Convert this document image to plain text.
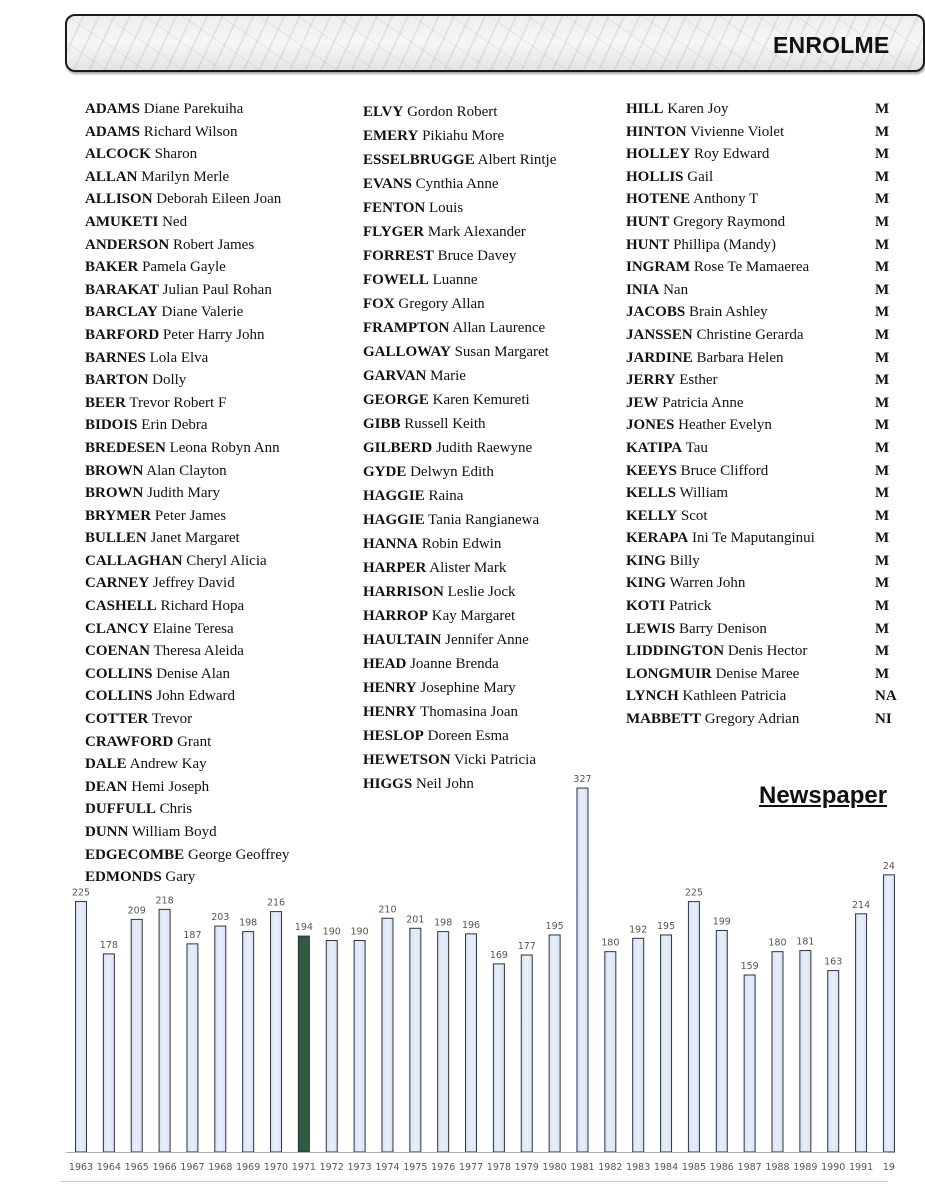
ENROLME
ADAMS Diane Parekuiha
ADAMS Richard Wilson
ALCOCK Sharon
ALLAN Marilyn Merle
ALLISON Deborah Eileen Joan
AMUKETI Ned
ANDERSON Robert James
BAKER Pamela Gayle
BARAKAT Julian Paul Rohan
BARCLAY Diane Valerie
BARFORD Peter Harry John
BARNES Lola Elva
BARTON Dolly
BEER Trevor Robert F
BIDOIS Erin Debra
BREDESEN Leona Robyn Ann
BROWN Alan Clayton
BROWN Judith Mary
BRYMER Peter James
BULLEN Janet Margaret
CALLAGHAN Cheryl Alicia
CARNEY Jeffrey David
CASHELL Richard Hopa
CLANCY Elaine Teresa
COENAN Theresa Aleida
COLLINS Denise Alan
COLLINS John Edward
COTTER Trevor
CRAWFORD Grant
DALE Andrew Kay
DEAN Hemi Joseph
DUFFULL Chris
DUNN William Boyd
EDGECOMBE George Geoffrey
EDMONDS Gary
ELVY Gordon Robert
EMERY Pikiahu More
ESSELBRUGGE Albert Rintje
EVANS Cynthia Anne
FENTON Louis
FLYGER Mark Alexander
FORREST Bruce Davey
FOWELL Luanne
FOX Gregory Allan
FRAMPTON Allan Laurence
GALLOWAY Susan Margaret
GARVAN Marie
GEORGE Karen Kemureti
GIBB Russell Keith
GILBERD Judith Raewyne
GYDE Delwyn Edith
HAGGIE Raina
HAGGIE Tania Rangianewa
HANNA Robin Edwin
HARPER Alister Mark
HARRISON Leslie Jock
HARROP Kay Margaret
HAULTAIN Jennifer Anne
HEAD Joanne Brenda
HENRY Josephine Mary
HENRY Thomasina Joan
HESLOP Doreen Esma
HEWETSON Vicki Patricia
HIGGS Neil John
HILL Karen Joy
HINTON Vivienne Violet
HOLLEY Roy Edward
HOLLIS Gail
HOTENE Anthony T
HUNT Gregory Raymond
HUNT Phillipa (Mandy)
INGRAM Rose Te Mamaerea
INIA Nan
JACOBS Brain Ashley
JANSSEN Christine Gerarda
JARDINE Barbara Helen
JERRY Esther
JEW Patricia Anne
JONES Heather Evelyn
KATIPA Tau
KEEYS Bruce Clifford
KELLS William
KELLY Scot
KERAPA Ini Te Maputanginui
KING Billy
KING Warren John
KOTI Patrick
LEWIS Barry Denison
LIDDINGTON Denis Hector
LONGMUIR Denise Maree
LYNCH Kathleen Patricia
MABBETT Gregory Adrian
M
M
M
M
M
M
M
M
M
M
M
M
M
M
M
M
M
M
M
M
M
M
M
M
M
M
NA
NI
Newspaper
225
178
209
218
187
203
198
216
194 190 190
210
201 198 196
169
177
195
327
180
192 195
225
199
159
180 181
163
214
24
1963 1964 1965 1966 1967 1968 1969 1970 1971 1972 1973 1974 1975 1976 1977 1978 1979 1980 1981 1982 1983 1984 1985 1986 1987 1988 1989 1990 1991 19
